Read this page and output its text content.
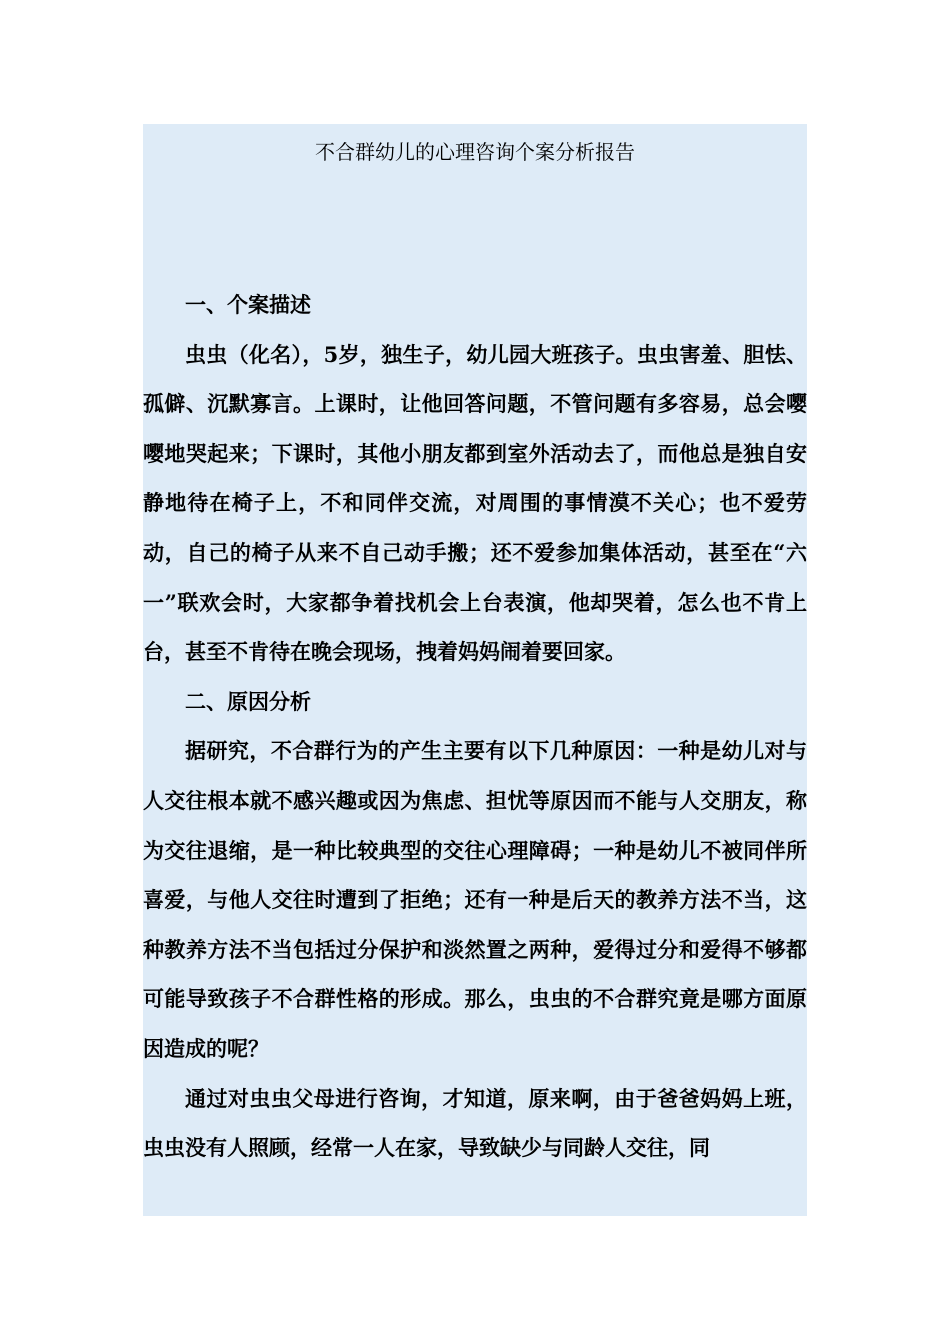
不合群幼儿的心理咨询个案分析报告

一、个案描述

虫虫（化名），5岁，独生子，幼儿园大班孩子。虫虫害羞、胆怯、孤僻、沉默寡言。上课时，让他回答问题，不管问题有多容易，总会嘤嘤地哭起来；下课时，其他小朋友都到室外活动去了，而他总是独自安静地待在椅子上，不和同伴交流，对周围的事情漠不关心；也不爱劳动，自己的椅子从来不自己动手搬；还不爱参加集体活动，甚至在“六一”联欢会时，大家都争着找机会上台表演，他却哭着，怎么也不肯上台，甚至不肯待在晚会现场，拽着妈妈闹着要回家。

二、原因分析

据研究，不合群行为的产生主要有以下几种原因：一种是幼儿对与人交往根本就不感兴趣或因为焦虑、担忧等原因而不能与人交朋友，称为交往退缩，是一种比较典型的交往心理障碍；一种是幼儿不被同伴所喜爱，与他人交往时遭到了拒绝；还有一种是后天的教养方法不当，这种教养方法不当包括过分保护和淡然置之两种，爱得过分和爱得不够都可能导致孩子不合群性格的形成。那么，虫虫的不合群究竟是哪方面原因造成的呢？

通过对虫虫父母进行咨询，才知道，原来啊，由于爸爸妈妈上班，虫虫没有人照顾，经常一人在家，导致缺少与同龄人交往，同
